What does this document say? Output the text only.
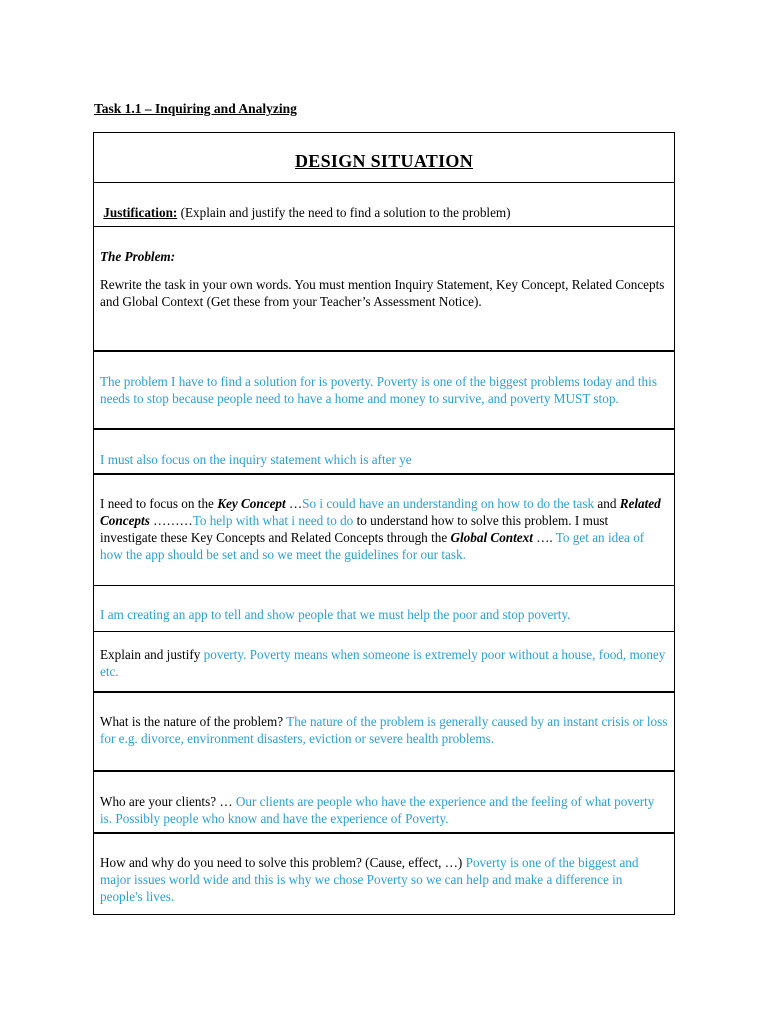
Task 1.1 – Inquiring and Analyzing
DESIGN SITUATION

Justification: (Explain and justify the need to find a solution to the problem)

The Problem:

Rewrite the task in your own words. You must mention Inquiry Statement, Key Concept, Related Concepts and Global Context (Get these from your Teacher’s Assessment Notice).

The problem I have to find a solution for is poverty. Poverty is one of the biggest problems today and this needs to stop because people need to have a home and money to survive, and poverty MUST stop.

I must also focus on the inquiry statement which is after ye

I need to focus on the Key Concept …So i could have an understanding on how to do the task and Related Concepts ………To help with what i need to do to understand how to solve this problem. I must investigate these Key Concepts and Related Concepts through the Global Context …. To get an idea of how the app should be set and so we meet the guidelines for our task.

I am creating an app to tell and show people that we must help the poor and stop poverty.

Explain and justify poverty. Poverty means when someone is extremely poor without a house, food, money etc.

What is the nature of the problem? The nature of the problem is generally caused by an instant crisis or loss for e.g. divorce, environment disasters, eviction or severe health problems.

Who are your clients? … Our clients are people who have the experience and the feeling of what poverty is. Possibly people who know and have the experience of Poverty.

How and why do you need to solve this problem? (Cause, effect, …) Poverty is one of the biggest and major issues world wide and this is why we chose Poverty so we can help and make a difference in people's lives.
